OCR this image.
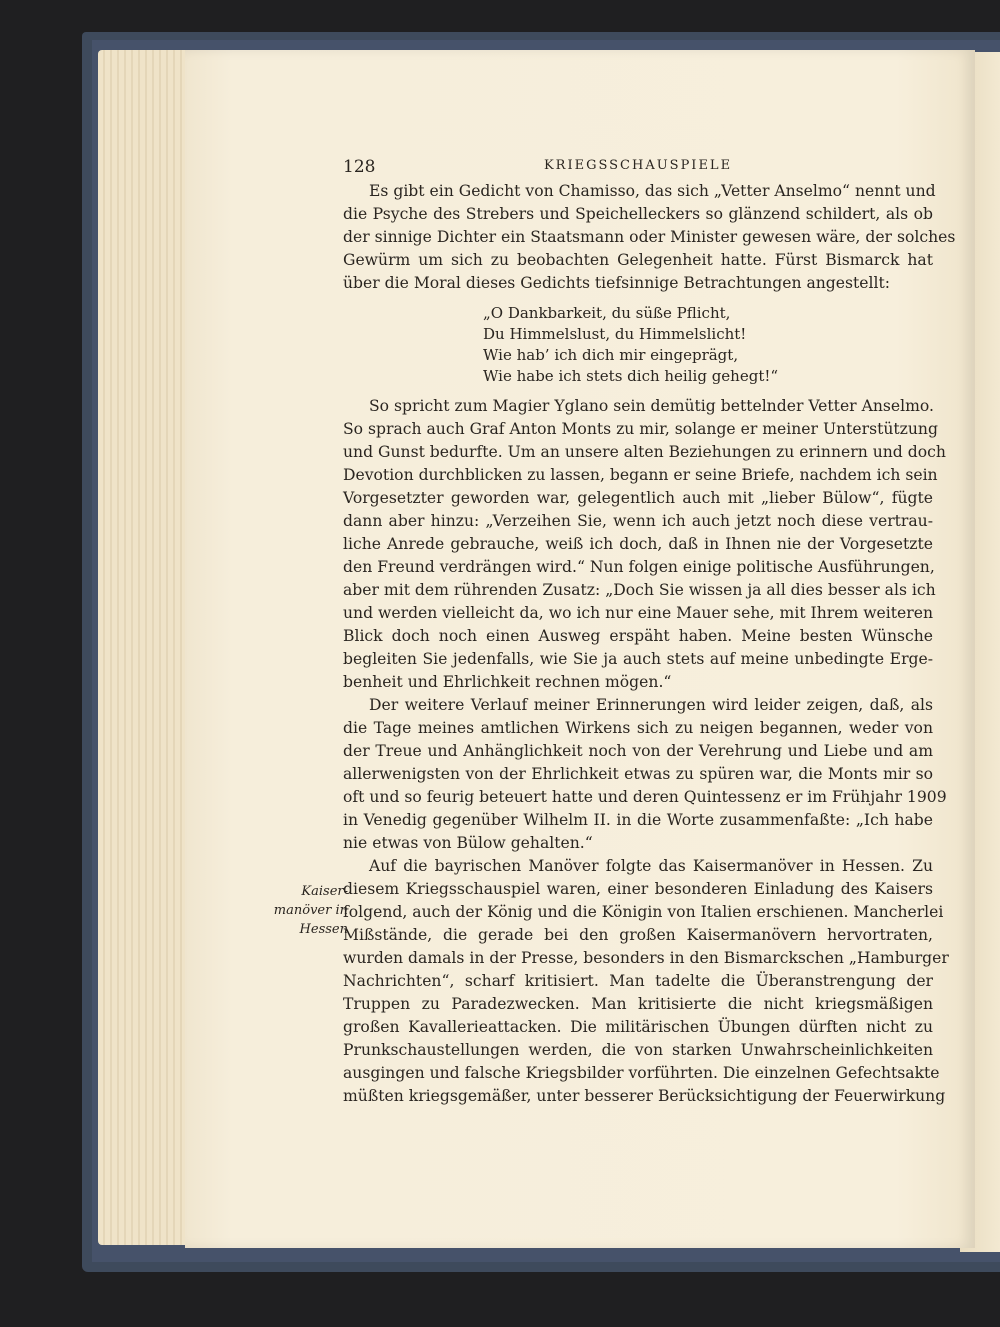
128	KRIEGSSCHAUSPIELE
Kaiser-
manöver in
Hessen
Es gibt ein Gedicht von Chamisso, das sich „Vetter Anselmo“ nennt und
die Psyche des Strebers und Speichelleckers so glänzend schildert, als ob
der sinnige Dichter ein Staatsmann oder Minister gewesen wäre, der solches
Gewürm um sich zu beobachten Gelegenheit hatte. Fürst Bismarck hat
über die Moral dieses Gedichts tiefsinnige Betrachtungen angestellt:
„O Dankbarkeit, du süße Pflicht,
Du Himmelslust, du Himmelslicht!
Wie hab’ ich dich mir eingeprägt,
Wie habe ich stets dich heilig gehegt!“
So spricht zum Magier Yglano sein demütig bettelnder Vetter Anselmo.
So sprach auch Graf Anton Monts zu mir, solange er meiner Unterstützung
und Gunst bedurfte. Um an unsere alten Beziehungen zu erinnern und doch
Devotion durchblicken zu lassen, begann er seine Briefe, nachdem ich sein
Vorgesetzter geworden war, gelegentlich auch mit „lieber Bülow“, fügte
dann aber hinzu: „Verzeihen Sie, wenn ich auch jetzt noch diese vertrau-
liche Anrede gebrauche, weiß ich doch, daß in Ihnen nie der Vorgesetzte
den Freund verdrängen wird.“ Nun folgen einige politische Ausführungen,
aber mit dem rührenden Zusatz: „Doch Sie wissen ja all dies besser als ich
und werden vielleicht da, wo ich nur eine Mauer sehe, mit Ihrem weiteren
Blick doch noch einen Ausweg erspäht haben. Meine besten Wünsche
begleiten Sie jedenfalls, wie Sie ja auch stets auf meine unbedingte Erge-
benheit und Ehrlichkeit rechnen mögen.“
Der weitere Verlauf meiner Erinnerungen wird leider zeigen, daß, als
die Tage meines amtlichen Wirkens sich zu neigen begannen, weder von
der Treue und Anhänglichkeit noch von der Verehrung und Liebe und am
allerwenigsten von der Ehrlichkeit etwas zu spüren war, die Monts mir so
oft und so feurig beteuert hatte und deren Quintessenz er im Frühjahr 1909
in Venedig gegenüber Wilhelm II. in die Worte zusammenfaßte: „Ich habe
nie etwas von Bülow gehalten.“
Auf die bayrischen Manöver folgte das Kaisermanöver in Hessen. Zu
diesem Kriegsschauspiel waren, einer besonderen Einladung des Kaisers
folgend, auch der König und die Königin von Italien erschienen. Mancherlei
Mißstände, die gerade bei den großen Kaisermanövern hervortraten,
wurden damals in der Presse, besonders in den Bismarckschen „Hamburger
Nachrichten“, scharf kritisiert. Man tadelte die Überanstrengung der
Truppen zu Paradezwecken. Man kritisierte die nicht kriegsmäßigen
großen Kavallerieattacken. Die militärischen Übungen dürften nicht zu
Prunkschaustellungen werden, die von starken Unwahrscheinlichkeiten
ausgingen und falsche Kriegsbilder vorführten. Die einzelnen Gefechtsakte
müßten kriegsgemäßer, unter besserer Berücksichtigung der Feuerwirkung
